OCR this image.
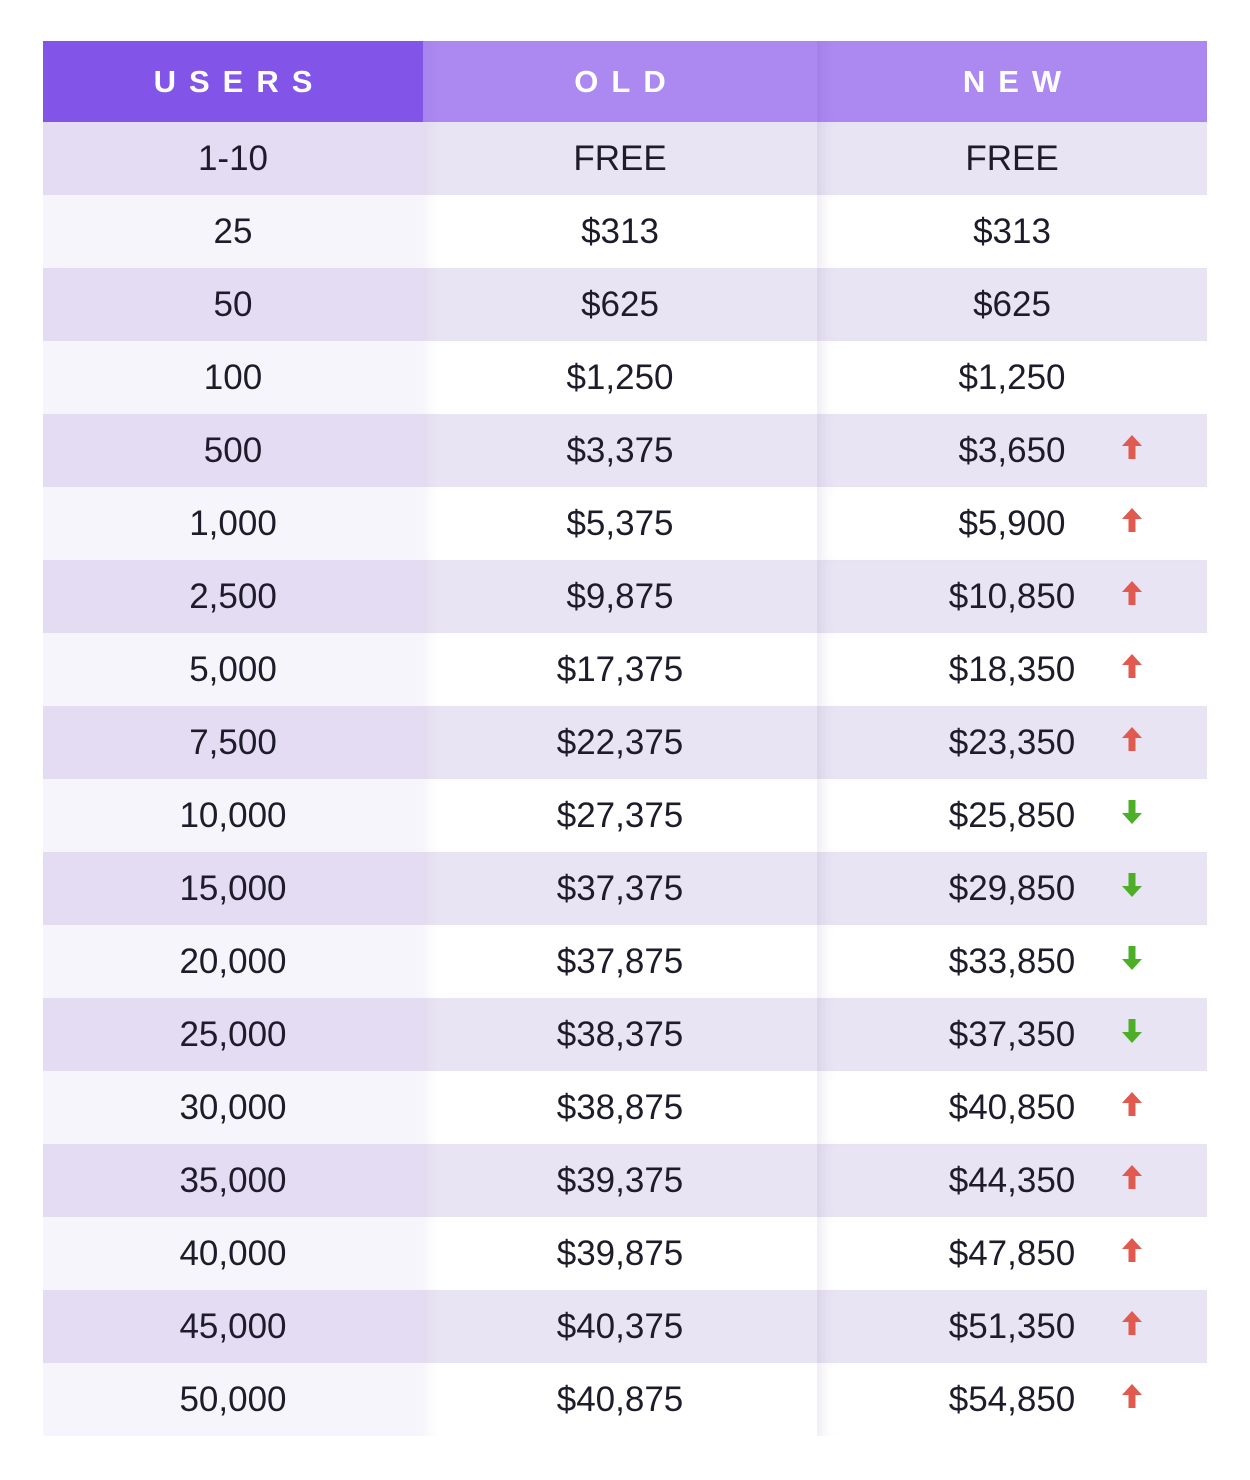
USERS	OLD	NEW
1-10	FREE	FREE
25	$313	$313
50	$625	$625
100	$1,250	$1,250
500	$3,375	$3,650
1,000	$5,375	$5,900
2,500	$9,875	$10,850
5,000	$17,375	$18,350
7,500	$22,375	$23,350
10,000	$27,375	$25,850
15,000	$37,375	$29,850
20,000	$37,875	$33,850
25,000	$38,375	$37,350
30,000	$38,875	$40,850
35,000	$39,375	$44,350
40,000	$39,875	$47,850
45,000	$40,375	$51,350
50,000	$40,875	$54,850
